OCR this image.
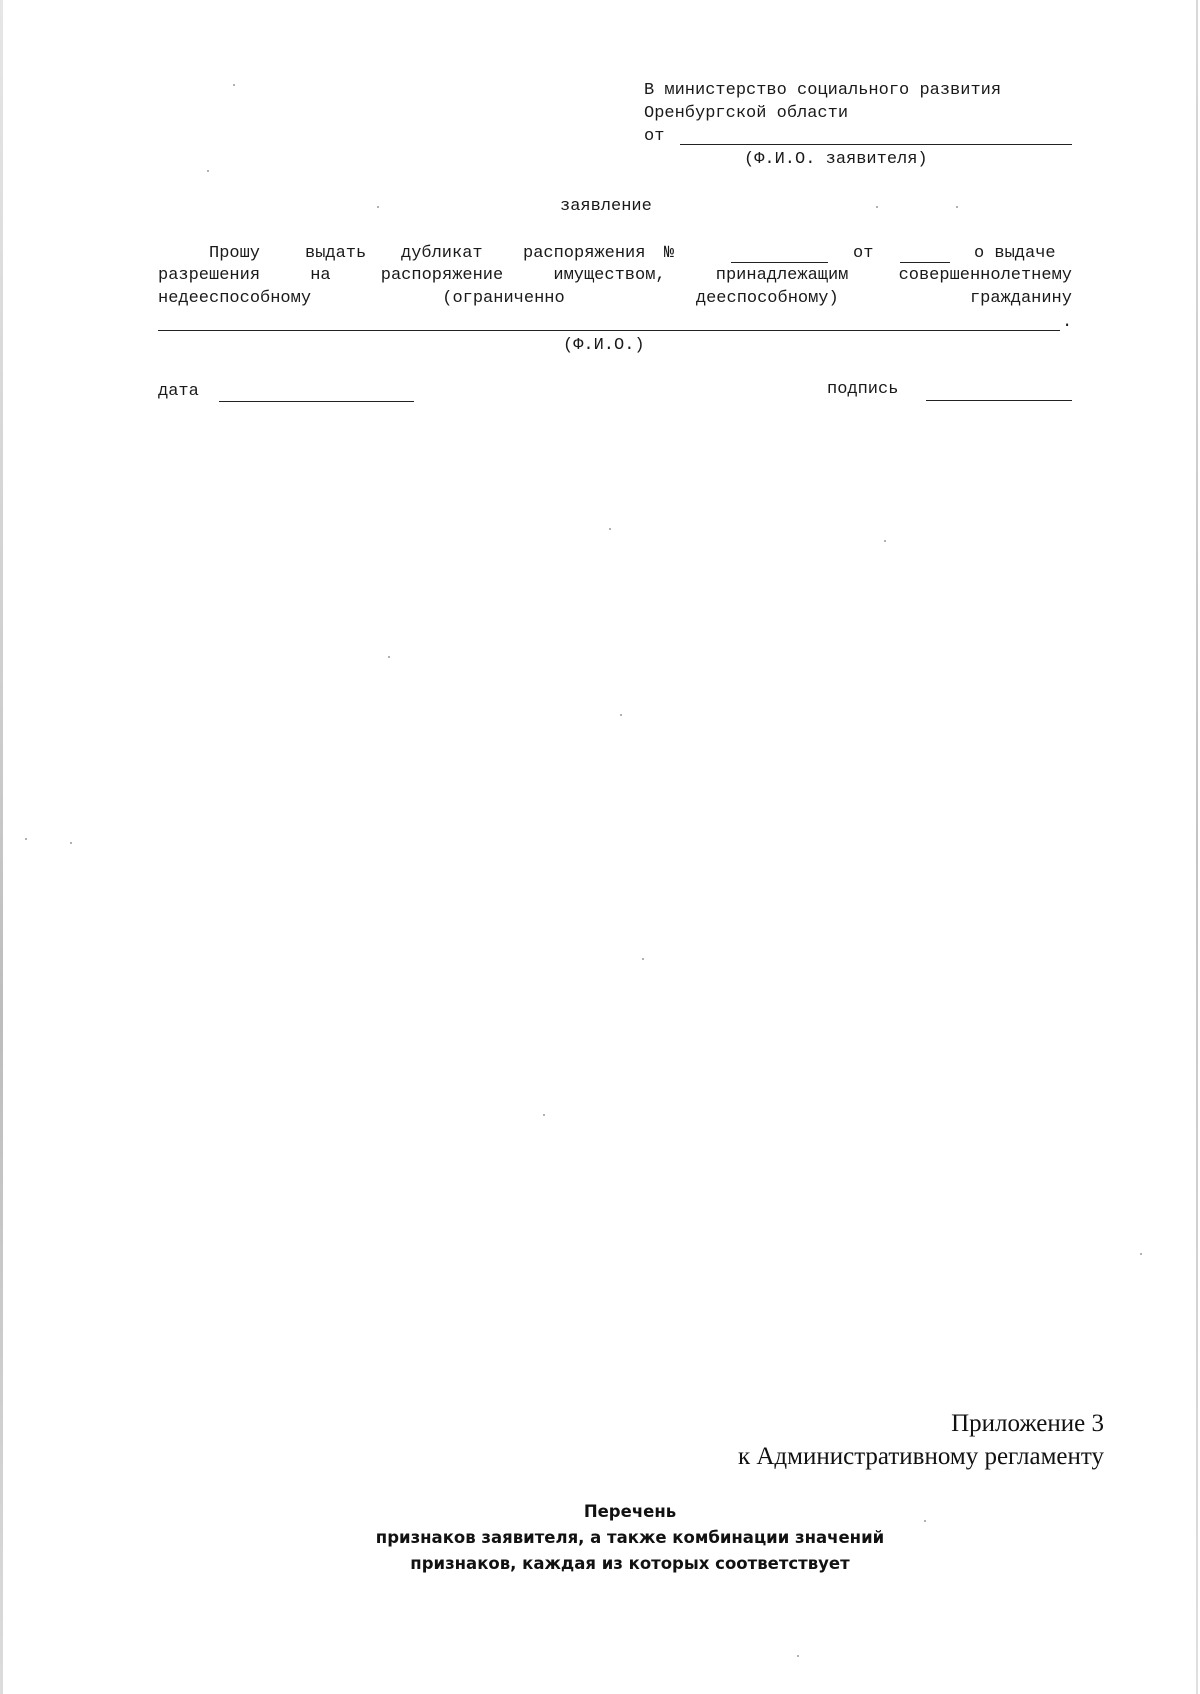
В министерство социального развития
Оренбургской области
от
(Ф.И.О. заявителя)
заявление
Прошу	выдать дубликат распоряжения №	от	о выдаче
разрешения	на	распоряжение	имуществом,	принадлежащим	совершеннолетнему
недееспособному	(ограниченно	дееспособному)	гражданину
.
(Ф.И.О.)
дата	подпись
Приложение 3
к Административному регламенту
Перечень
признаков заявителя, а также комбинации значений
признаков, каждая из которых соответствует
